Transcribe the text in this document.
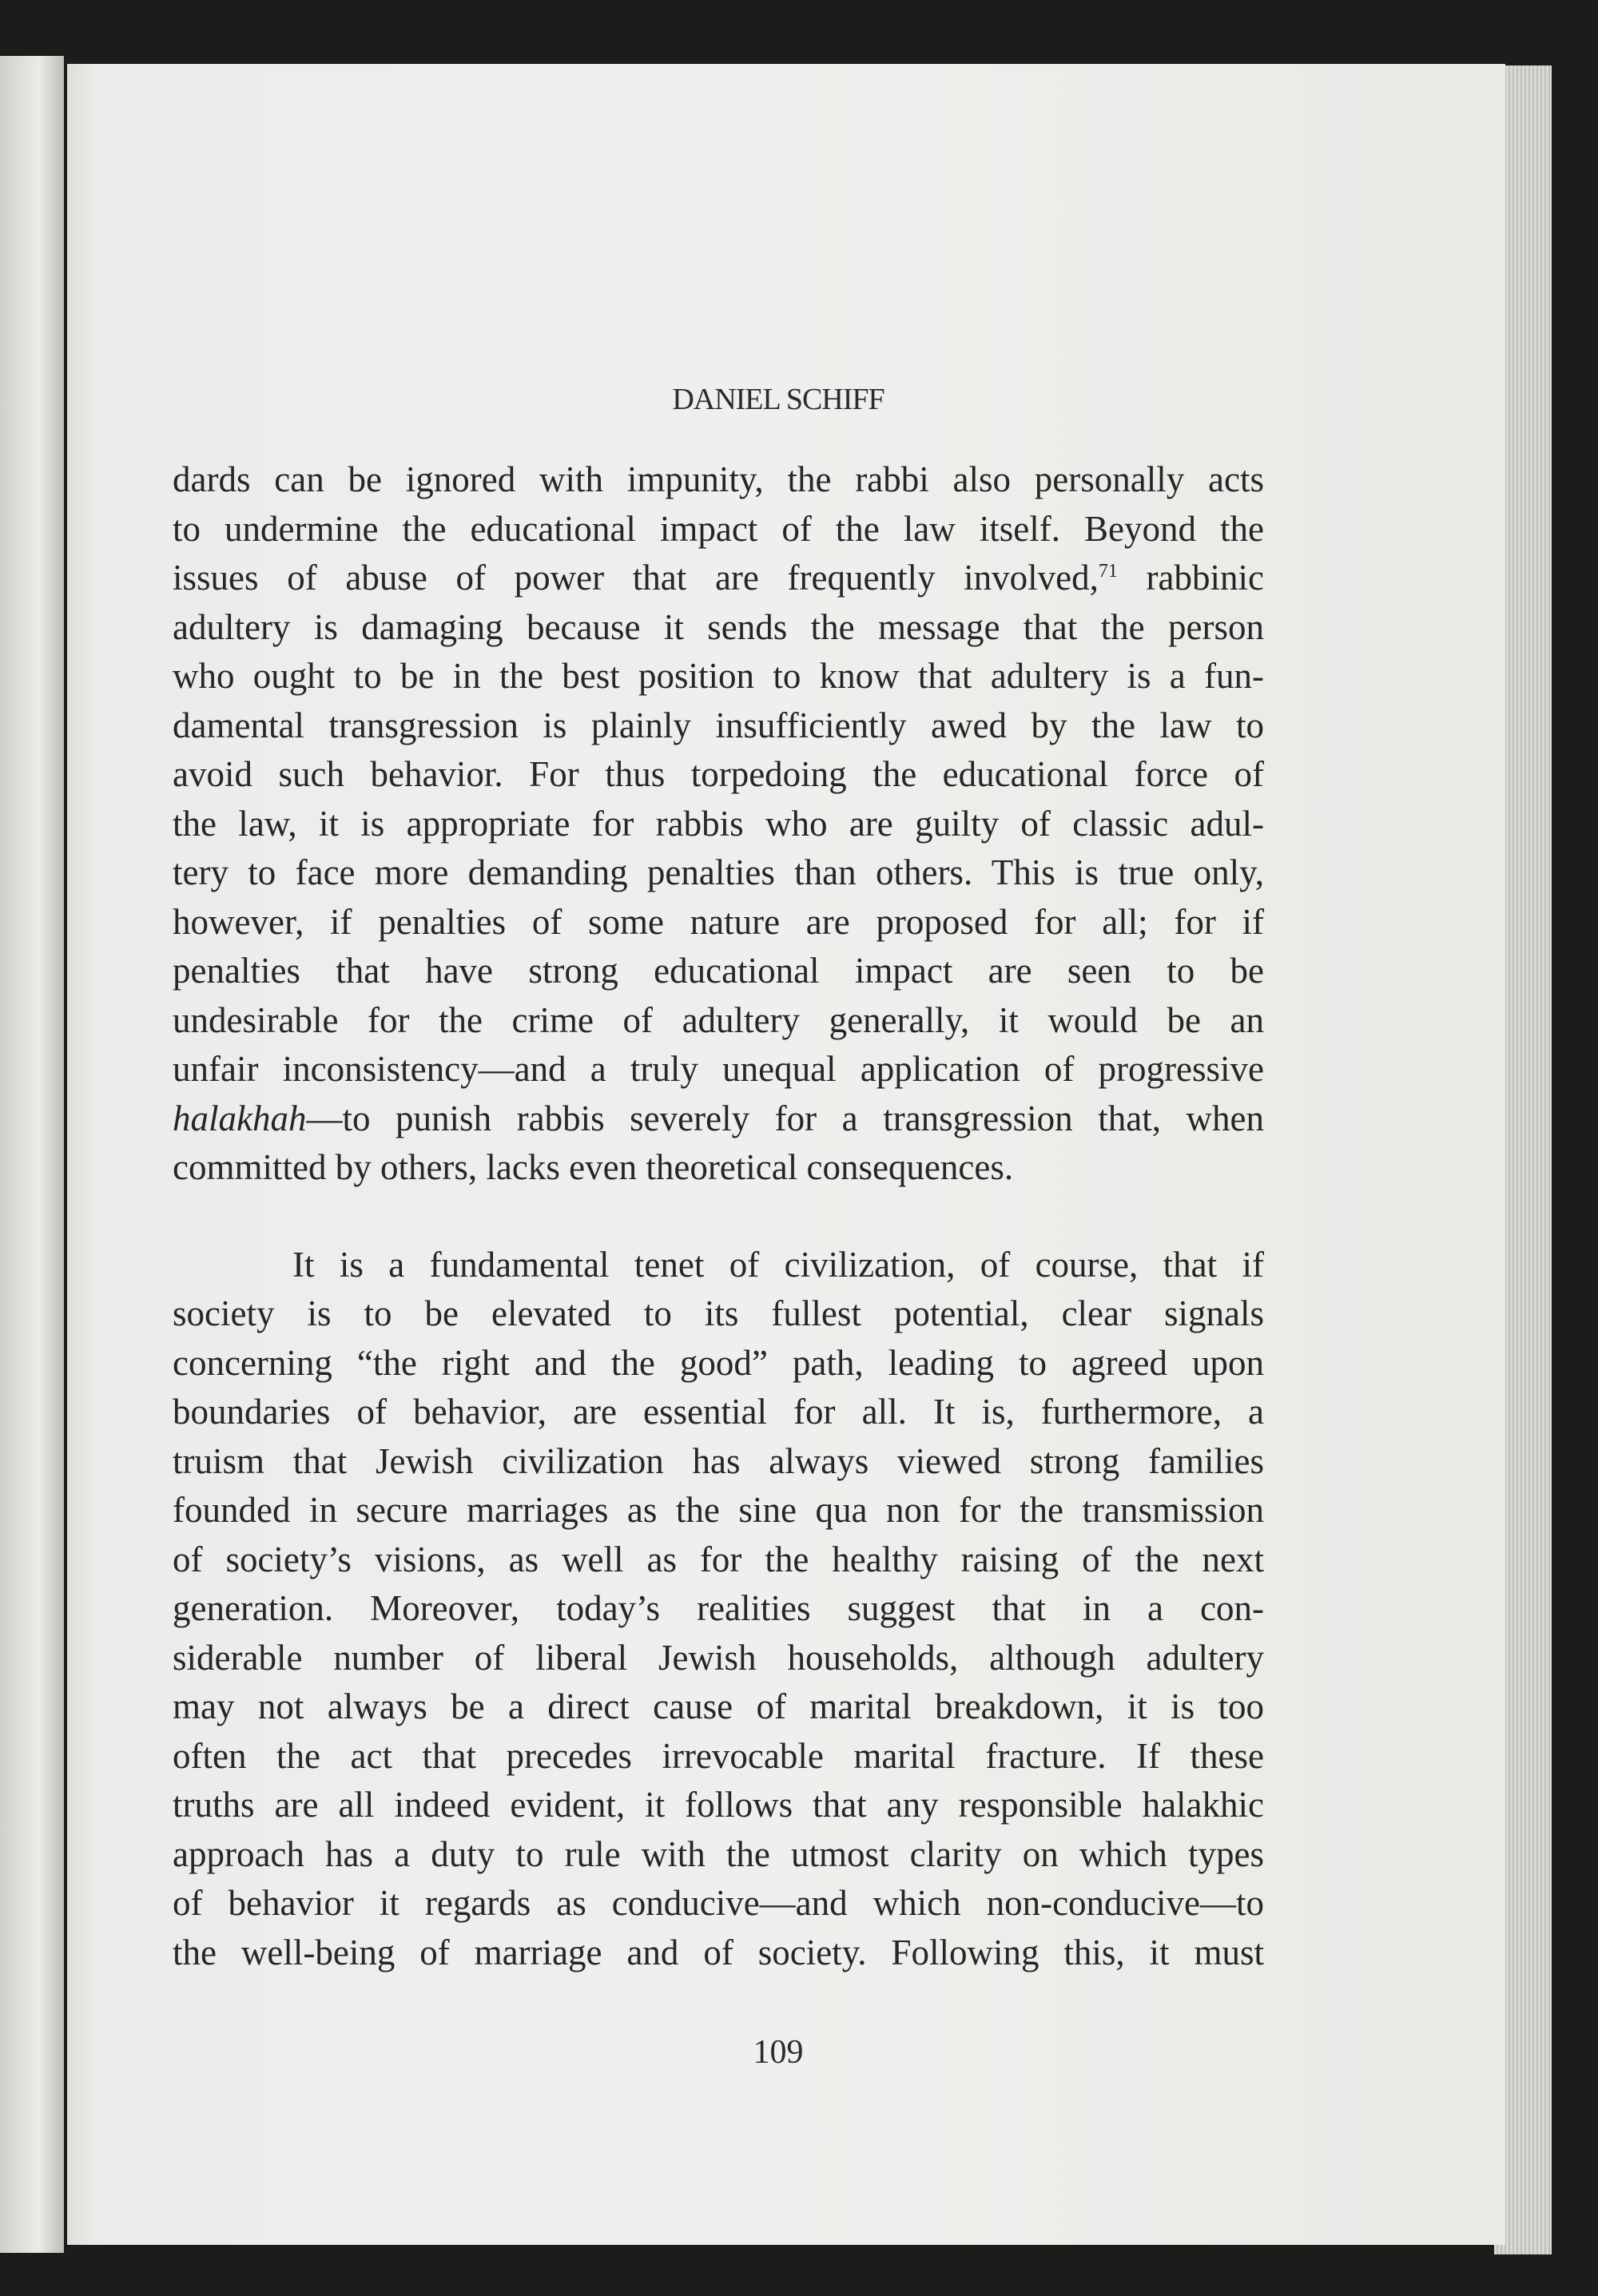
DANIEL SCHIFF
dards can be ignored with impunity, the rabbi also personally acts
to undermine the educational impact of the law itself. Beyond the
issues of abuse of power that are frequently involved,$^{71}$ rabbinic
adultery is damaging because it sends the message that the person
who ought to be in the best position to know that adultery is a fun-
damental transgression is plainly insufficiently awed by the law to
avoid such behavior. For thus torpedoing the educational force of
the law, it is appropriate for rabbis who are guilty of classic adul-
tery to face more demanding penalties than others. This is true only,
however, if penalties of some nature are proposed for all; for if
penalties that have strong educational impact are seen to be
undesirable for the crime of adultery generally, it would be an
unfair inconsistency—and a truly unequal application of progressive
halakhah—to punish rabbis severely for a transgression that, when
committed by others, lacks even theoretical consequences.
It is a fundamental tenet of civilization, of course, that if
society is to be elevated to its fullest potential, clear signals
concerning “the right and the good” path, leading to agreed upon
boundaries of behavior, are essential for all. It is, furthermore, a
truism that Jewish civilization has always viewed strong families
founded in secure marriages as the sine qua non for the transmission
of society’s visions, as well as for the healthy raising of the next
generation. Moreover, today’s realities suggest that in a con-
siderable number of liberal Jewish households, although adultery
may not always be a direct cause of marital breakdown, it is too
often the act that precedes irrevocable marital fracture. If these
truths are all indeed evident, it follows that any responsible halakhic
approach has a duty to rule with the utmost clarity on which types
of behavior it regards as conducive—and which non-conducive—to
the well-being of marriage and of society. Following this, it must
109
